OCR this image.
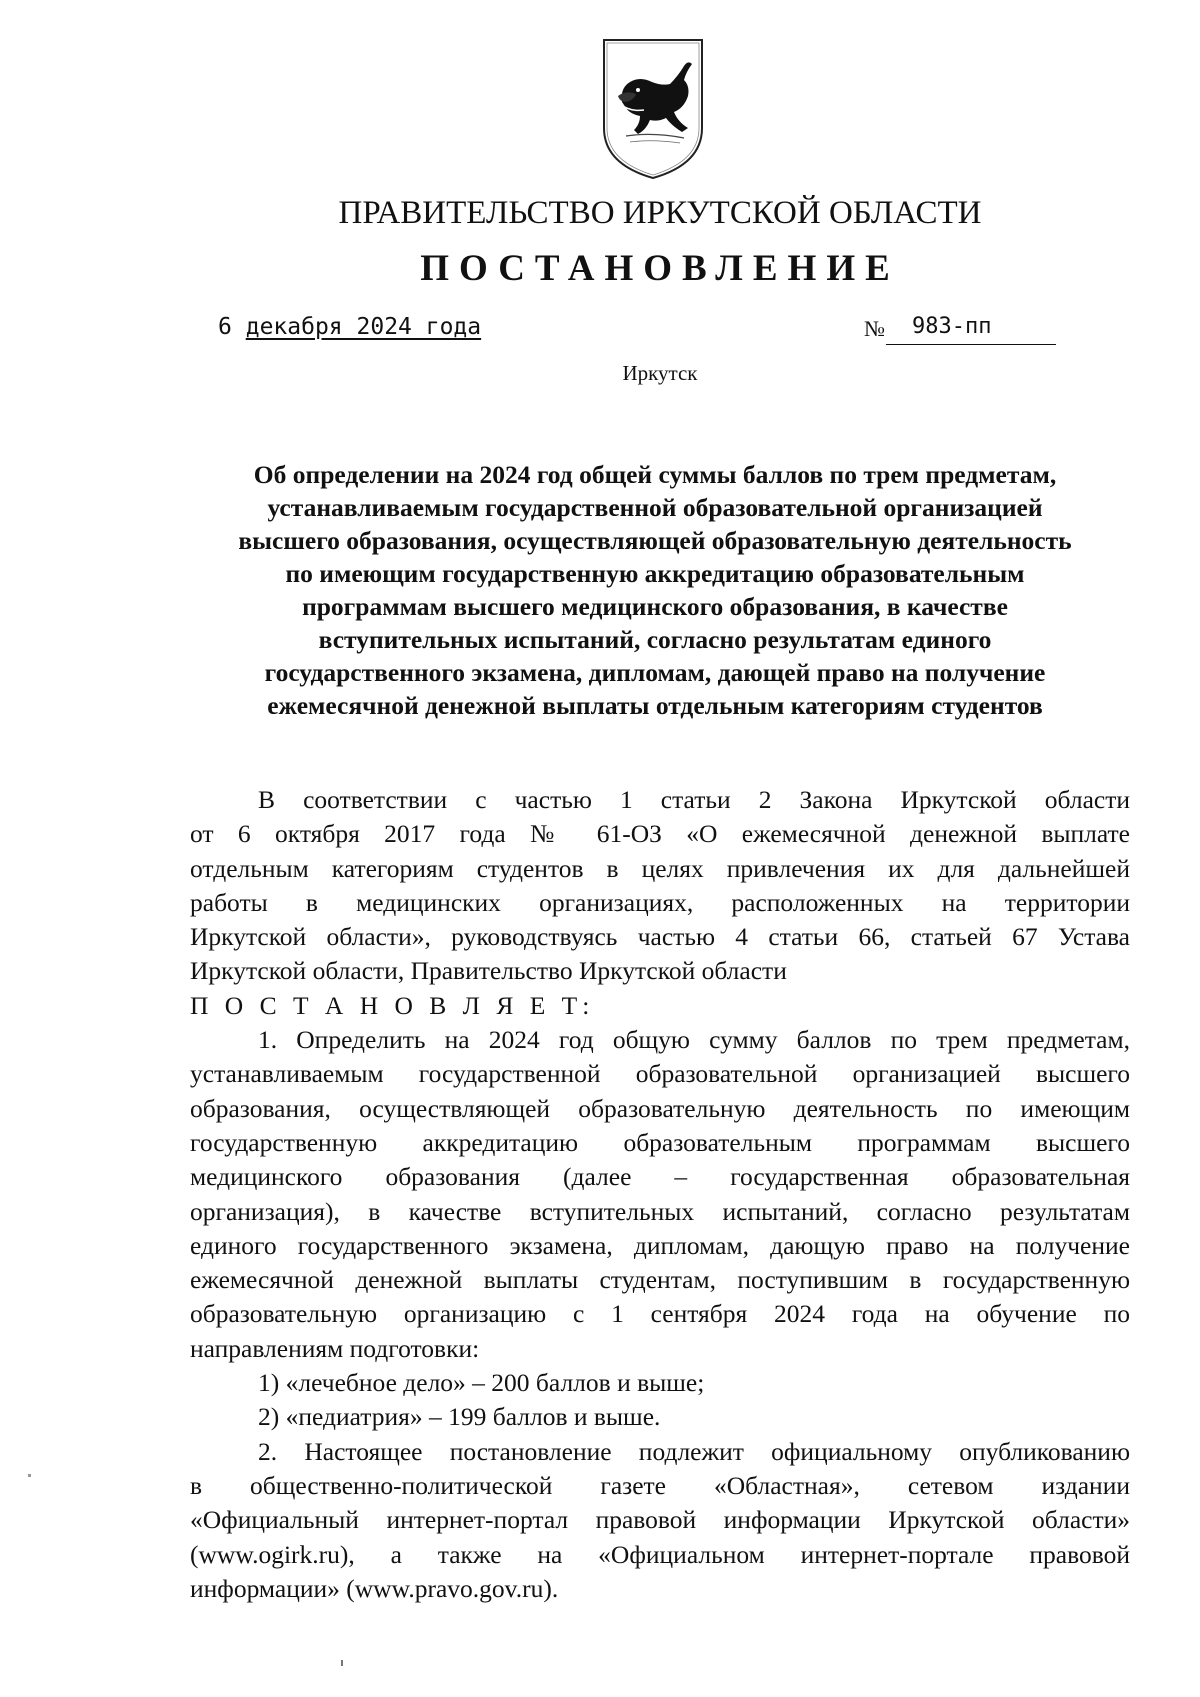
ПРАВИТЕЛЬСТВО ИРКУТСКОЙ ОБЛАСТИ
ПОСТАНОВЛЕНИЕ
6 декабря 2024 года	№ 983-пп
Иркутск
Об определении на 2024 год общей суммы баллов по трем предметам,
устанавливаемым государственной образовательной организацией
высшего образования, осуществляющей образовательную деятельность
по имеющим государственную аккредитацию образовательным
программам высшего медицинского образования, в качестве
вступительных испытаний, согласно результатам единого
государственного экзамена, дипломам, дающей право на получение
ежемесячной денежной выплаты отдельным категориям студентов

В соответствии с частью 1 статьи 2 Закона Иркутской области
от 6 октября 2017 года № 61-ОЗ «О ежемесячной денежной выплате
отдельным категориям студентов в целях привлечения их для дальнейшей
работы в медицинских организациях, расположенных на территории
Иркутской области», руководствуясь частью 4 статьи 66, статьей 67 Устава
Иркутской области, Правительство Иркутской области

П О С Т А Н О В Л Я Е Т:

1. Определить на 2024 год общую сумму баллов по трем предметам,
устанавливаемым государственной образовательной организацией высшего
образования, осуществляющей образовательную деятельность по имеющим
государственную аккредитацию образовательным программам высшего
медицинского образования (далее – государственная образовательная
организация), в качестве вступительных испытаний, согласно результатам
единого государственного экзамена, дипломам, дающую право на получение
ежемесячной денежной выплаты студентам, поступившим в государственную
образовательную организацию с 1 сентября 2024 года на обучение по
направлениям подготовки:

1) «лечебное дело» – 200 баллов и выше;
2) «педиатрия» – 199 баллов и выше.

2. Настоящее постановление подлежит официальному опубликованию
в общественно-политической газете «Областная», сетевом издании
«Официальный интернет-портал правовой информации Иркутской области»
(www.ogirk.ru), а также на «Официальном интернет-портале правовой
информации» (www.pravo.gov.ru).
